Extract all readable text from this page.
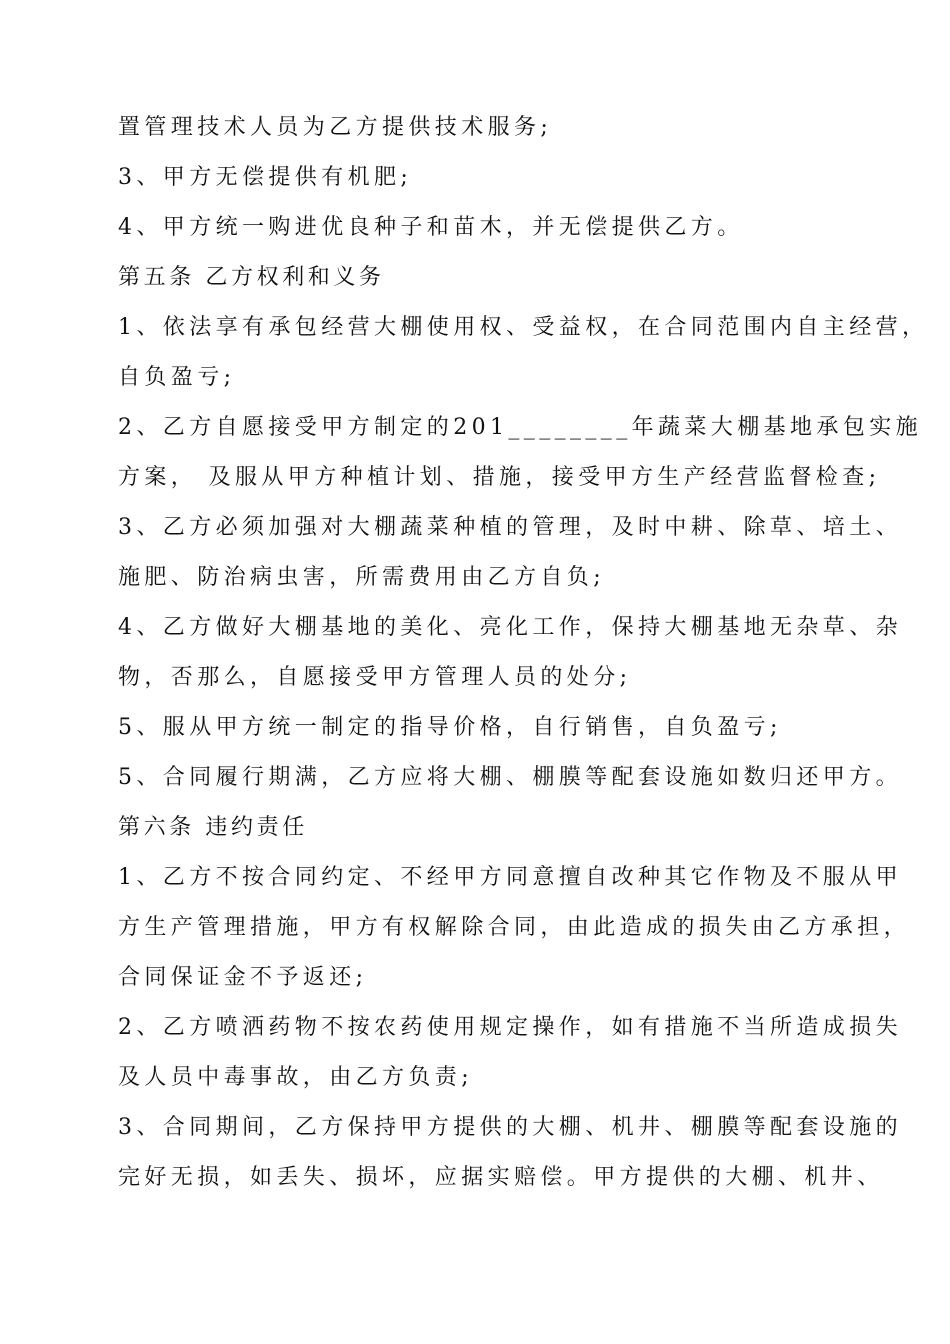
置管理技术人员为乙方提供技术服务;
3、甲方无偿提供有机肥;
4、甲方统一购进优良种子和苗木，并无偿提供乙方。
第五条 乙方权利和义务
1、依法享有承包经营大棚使用权、受益权，在合同范围内自主经营，
自负盈亏;
2、乙方自愿接受甲方制定的201________年蔬菜大棚基地承包实施
方案， 及服从甲方种植计划、措施，接受甲方生产经营监督检查;
3、乙方必须加强对大棚蔬菜种植的管理，及时中耕、除草、培土、
施肥、防治病虫害，所需费用由乙方自负;
4、乙方做好大棚基地的美化、亮化工作，保持大棚基地无杂草、杂
物，否那么，自愿接受甲方管理人员的处分;
5、服从甲方统一制定的指导价格，自行销售，自负盈亏;
5、合同履行期满，乙方应将大棚、棚膜等配套设施如数归还甲方。
第六条 违约责任
1、乙方不按合同约定、不经甲方同意擅自改种其它作物及不服从甲
方生产管理措施，甲方有权解除合同，由此造成的损失由乙方承担，
合同保证金不予返还;
2、乙方喷洒药物不按农药使用规定操作，如有措施不当所造成损失
及人员中毒事故，由乙方负责;
3、合同期间，乙方保持甲方提供的大棚、机井、棚膜等配套设施的
完好无损，如丢失、损坏，应据实赔偿。甲方提供的大棚、机井、
